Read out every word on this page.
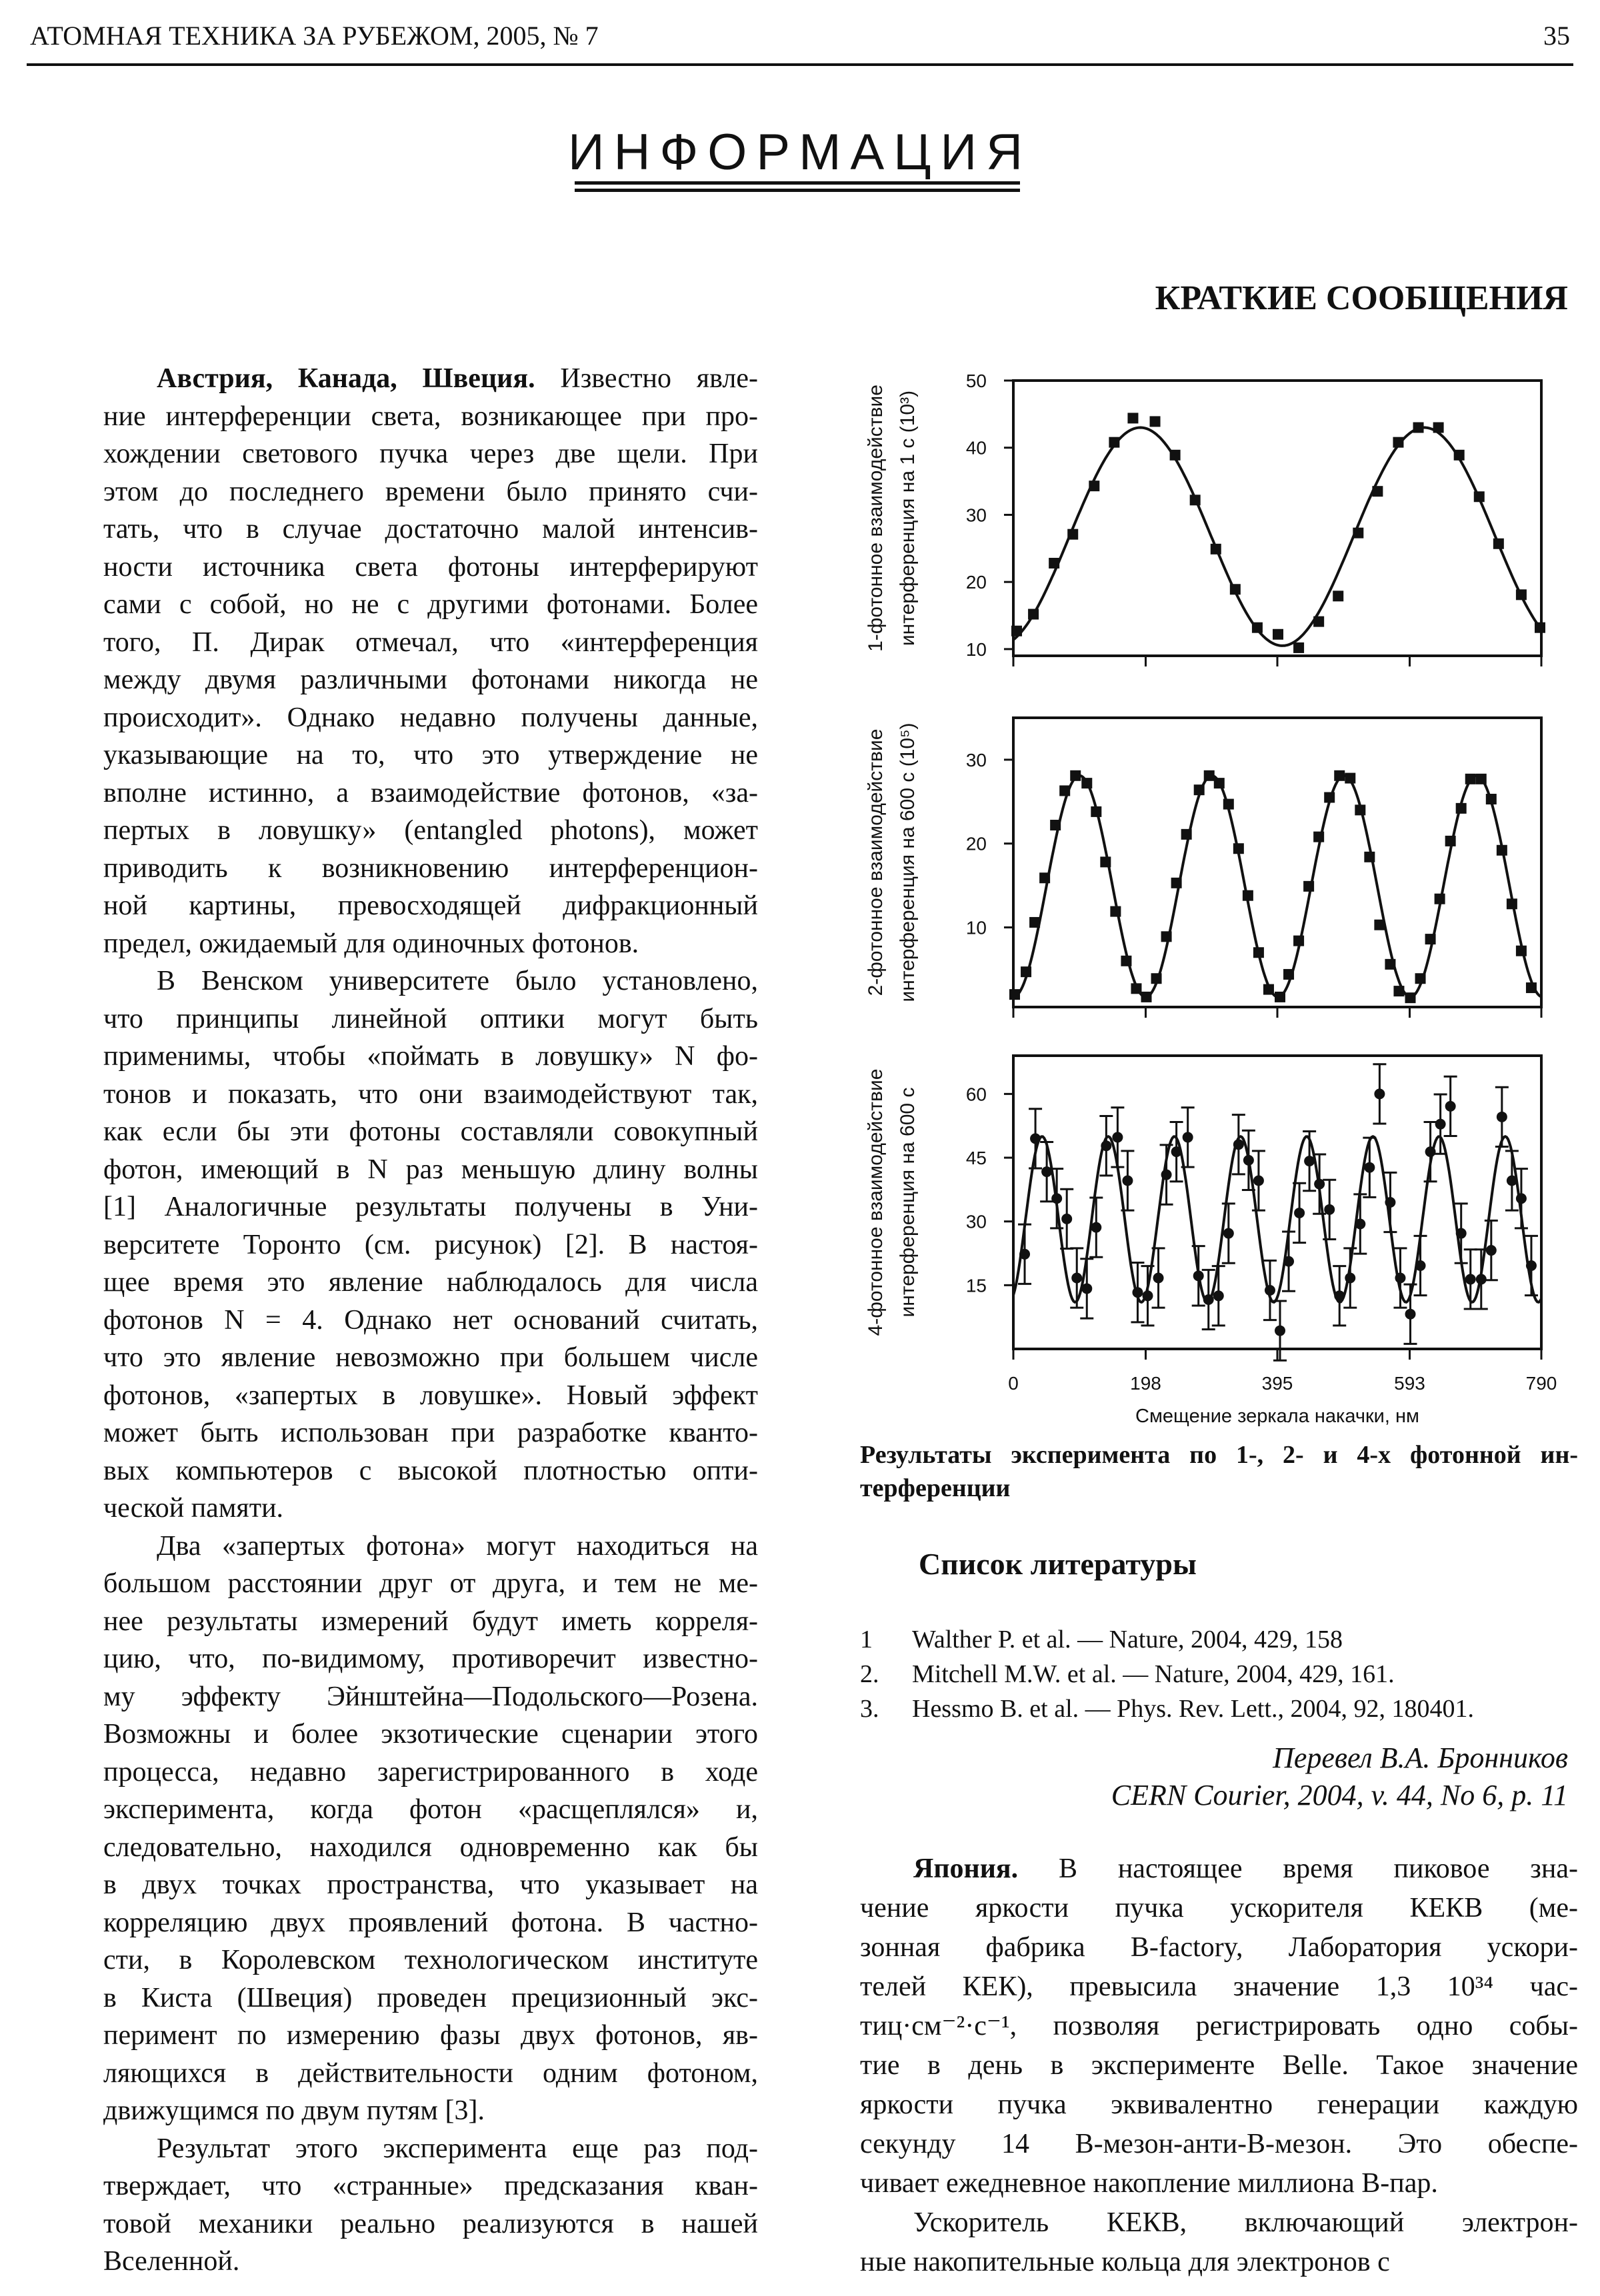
АТОМНАЯ ТЕХНИКА ЗА РУБЕЖОМ, 2005, № 7	35
ИНФОРМАЦИЯ
КРАТКИЕ СООБЩЕНИЯ
Австрия, Канада, Швеция. Известно явле-
ние интерференции света, возникающее при про-
хождении светового пучка через две щели. При
этом до последнего времени было принято счи-
тать, что в случае достаточно малой интенсив-
ности источника света фотоны интерферируют
сами с собой, но не с другими фотонами. Более
того, П. Дирак отмечал, что «интерференция
между двумя различными фотонами никогда не
происходит». Однако недавно получены данные,
указывающие на то, что это утверждение не
вполне истинно, а взаимодействие фотонов, «за-
пертых в ловушку» (entangled photons), может
приводить к возникновению интерференцион-
ной картины, превосходящей дифракционный
предел, ожидаемый для одиночных фотонов.
В Венском университете было установлено,
что принципы линейной оптики могут быть
применимы, чтобы «поймать в ловушку» N фо-
тонов и показать, что они взаимодействуют так,
как если бы эти фотоны составляли совокупный
фотон, имеющий в N раз меньшую длину волны
[1] Аналогичные результаты получены в Уни-
верситете Торонто (см. рисунок) [2]. В настоя-
щее время это явление наблюдалось для числа
фотонов N = 4. Однако нет оснований считать,
что это явление невозможно при большем числе
фотонов, «запертых в ловушке». Новый эффект
может быть использован при разработке кванто-
вых компьютеров с высокой плотностью опти-
ческой памяти.
Два «запертых фотона» могут находиться на
большом расстоянии друг от друга, и тем не ме-
нее результаты измерений будут иметь корреля-
цию, что, по-видимому, противоречит известно-
му эффекту Эйнштейна—Подольского—Розена.
Возможны и более экзотические сценарии этого
процесса, недавно зарегистрированного в ходе
эксперимента, когда фотон «расщеплялся» и,
следовательно, находился одновременно как бы
в двух точках пространства, что указывает на
корреляцию двух проявлений фотона. В частно-
сти, в Королевском технологическом институте
в Киста (Швеция) проведен прецизионный экс-
перимент по измерению фазы двух фотонов, яв-
ляющихся в действительности одним фотоном,
движущимся по двум путям [3].
Результат этого эксперимента еще раз под-
тверждает, что «странные» предсказания кван-
товой механики реально реализуются в нашей
Вселенной.
10
20
30
40
50
1-фотонное взаимодействие интерференция на 1 с (10³)
10
20
30
2-фотонное взаимодействие интерференция на 600 с (10⁵)
15
30
45
60
4-фотонное взаимодействие интерференция на 600 с
0	198	395	593	790
Смещение зеркала накачки, нм
Результаты эксперимента по 1-, 2- и 4-х фотонной ин-
терференции
Список литературы
1 Walther P. et al. — Nature, 2004, 429, 158
2. Mitchell M.W. et al. — Nature, 2004, 429, 161.
3. Hessmo B. et al. — Phys. Rev. Lett., 2004, 92, 180401.
Перевел В.А. Бронников
CERN Courier, 2004, v. 44, No 6, p. 11
Япония. В настоящее время пиковое зна-
чение яркости пучка ускорителя КЕКВ (ме-
зонная фабрика B-factory, Лаборатория ускори-
телей КЕК), превысила значение 1,3 10³⁴ час-
тиц·см⁻²·с⁻¹, позволяя регистрировать одно собы-
тие в день в эксперименте Belle. Такое значение
яркости пучка эквивалентно генерации каждую
секунду 14 B-мезон-анти-B-мезон. Это обеспе-
чивает ежедневное накопление миллиона B-пар.
Ускоритель КЕКВ, включающий электрон-
ные накопительные кольца для электронов с
